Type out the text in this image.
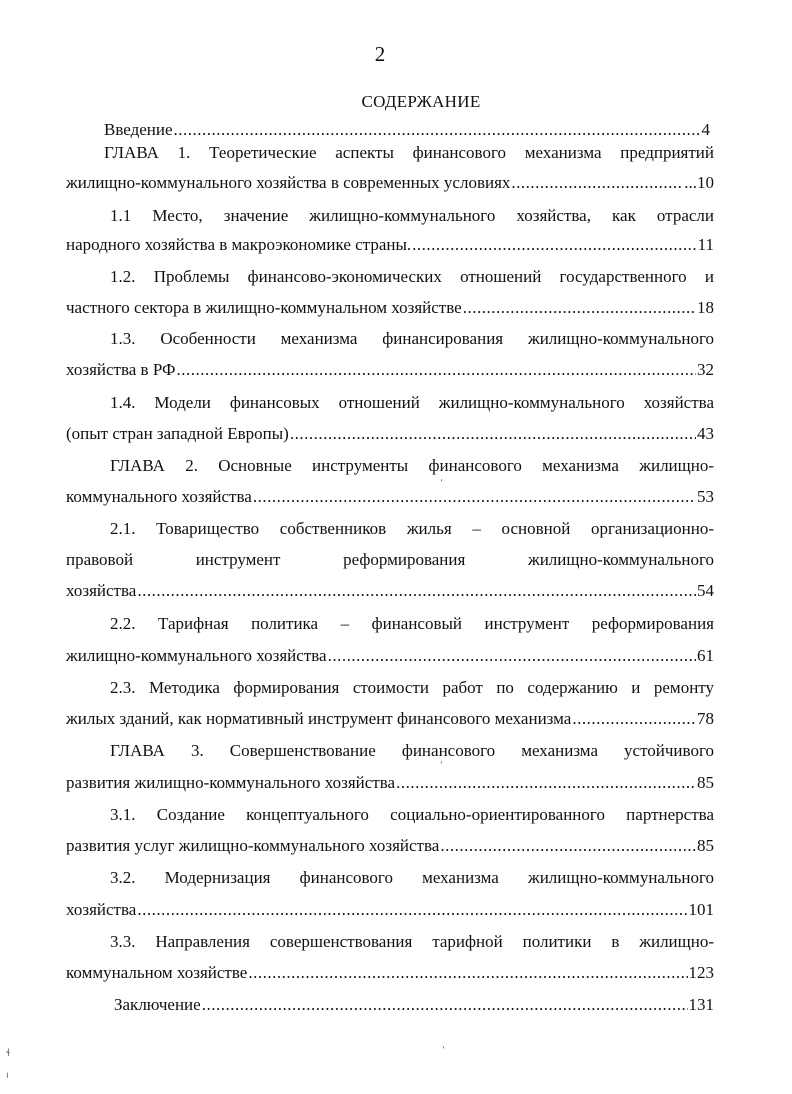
2
СОДЕРЖАНИЕ
Введение .....	4
ГЛАВА 1. Теоретические аспекты финансового механизма предприятий
жилищно-коммунального хозяйства в современных условиях .....	...10
1.1 Место, значение жилищно-коммунального хозяйства, как отрасли
народного хозяйства в макроэкономике страны. .....	11
1.2. Проблемы финансово-экономических отношений государственного и
частного сектора в жилищно-коммунальном хозяйстве .....	18
1.3. Особенности механизма финансирования жилищно-коммунального
хозяйства в РФ .....	32
1.4. Модели финансовых отношений жилищно-коммунального хозяйства
(опыт стран западной Европы) .....	43
ГЛАВА 2. Основные инструменты финансового механизма жилищно-
коммунального хозяйства .....	53
2.1. Товарищество собственников жилья – основной организационно-
правовой инструмент реформирования жилищно-коммунального
хозяйства .....	54
2.2. Тарифная политика – финансовый инструмент реформирования
жилищно-коммунального хозяйства .....	61
2.3. Методика формирования стоимости работ по содержанию и ремонту
жилых зданий, как нормативный инструмент финансового механизма .....	78
ГЛАВА 3. Совершенствование финансового механизма устойчивого
развития жилищно-коммунального хозяйства .....	85
3.1. Создание концептуального социально-ориентированного партнерства
развития услуг жилищно-коммунального хозяйства .....	85
3.2. Модернизация финансового механизма жилищно-коммунального
хозяйства .....	101
3.3. Направления совершенствования тарифной политики в жилищно-
коммунальном хозяйстве .....	123
Заключение .....	131
‘
‘
‘
ɬ
ı
